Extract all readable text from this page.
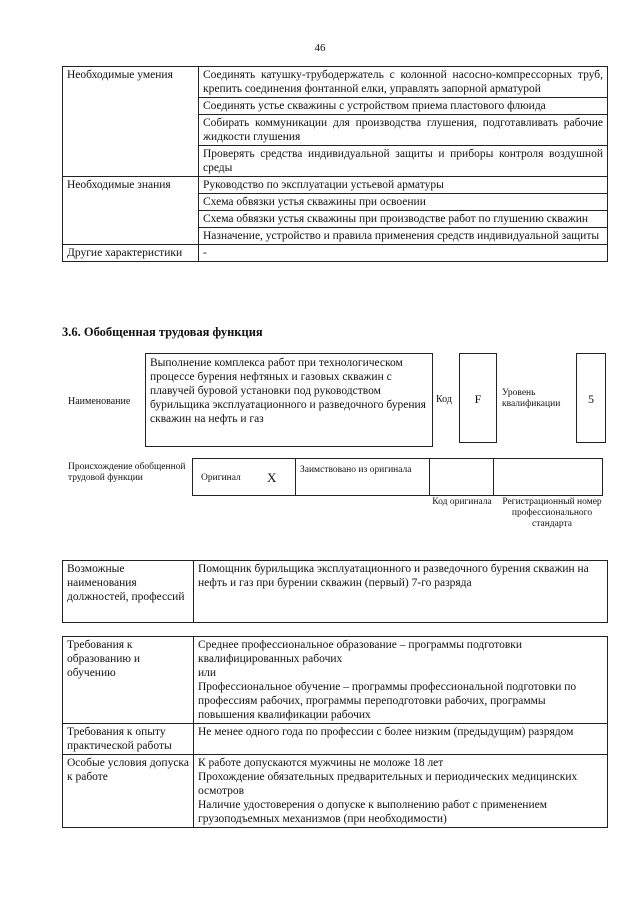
46
Необходимые умения	Соединять катушку-трубодержатель с колонной насосно-компрессорных труб, крепить соединения фонтанной елки, управлять запорной арматурой
	Соединять устье скважины с устройством приема пластового флюида
	Собирать коммуникации для производства глушения, подготавливать рабочие жидкости глушения
	Проверять средства индивидуальной защиты и приборы контроля воздушной среды
Необходимые знания	Руководство по эксплуатации устьевой арматуры
	Схема обвязки устья скважины при освоении
	Схема обвязки устья скважины при производстве работ по глушению скважин
	Назначение, устройство и правила применения средств индивидуальной защиты
Другие характеристики	-
3.6. Обобщенная трудовая функция
Наименование
Выполнение комплекса работ при технологическом процессе бурения нефтяных и газовых скважин с плавучей буровой установки под руководством бурильщика эксплуатационного и разведочного бурения скважин на нефть и газ
Код	F	Уровень квалификации	5
Происхождение обобщенной трудовой функции	Оригинал X Заимствовано из оригинала
Код оригинала Регистрационный номер профессионального стандарта
Возможные наименования должностей, профессий	Помощник бурильщика эксплуатационного и разведочного бурения скважин на нефть и газ при бурении скважин (первый) 7-го разряда
Требования к образованию и обучению	Среднее профессиональное образование – программы подготовки квалифицированных рабочих
или
Профессиональное обучение – программы профессиональной подготовки по профессиям рабочих, программы переподготовки рабочих, программы повышения квалификации рабочих

Требования к опыту практической работы	Не менее одного года по профессии с более низким (предыдущим) разрядом

Особые условия допуска к работе	К работе допускаются мужчины не моложе 18 лет
Прохождение обязательных предварительных и периодических медицинских осмотров
Наличие удостоверения о допуске к выполнению работ с применением грузоподъемных механизмов (при необходимости)
